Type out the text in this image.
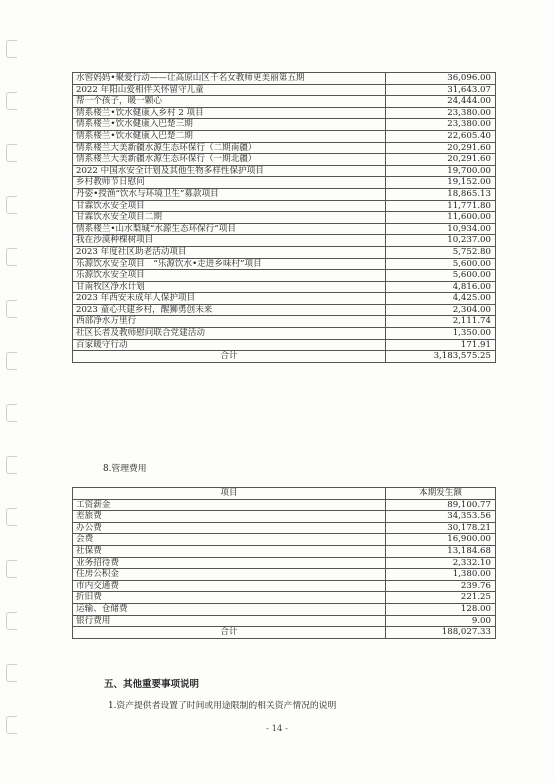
水窖妈妈•聚爱行动——让高原山区千名女教师更美丽第五期	36,096.00
2022 年阳山爱相伴关怀留守儿童	31,643.07
帮一个孩子，暖一颗心	24,444.00
情系楼兰•饮水健康入乡村 2 项目	23,380.00
情系楼兰•饮水健康入巴楚三期	23,380.00
情系楼兰•饮水健康入巴楚二期	22,605.40
情系楼兰大美新疆水源生态环保行（二期南疆）	20,291.60
情系楼兰大美新疆水源生态环保行（一期北疆）	20,291.60
2022 中国水安全计划及其他生物多样性保护项目	19,700.00
乡村教师节日慰问	19,152.00
丹姿•授渔“饮水与环境卫生”募款项目	18,865.13
甘霖饮水安全项目	11,771.80
甘霖饮水安全项目二期	11,600.00
情系楼兰•山水梨城“水源生态环保行”项目	10,934.00
我在沙漠种棵树项目	10,237.00
2023 年度社区助老活动项目	5,752.80
乐源饮水安全项目　“乐源饮水•走进乡味村”项目	5,600.00
乐源饮水安全项目	5,600.00
甘南牧区净水计划	4,816.00
2023 年西安未成年人保护项目	4,425.00
2023 童心共建乡村，醒狮勇创未来	2,304.00
西部净水万里行	2,111.74
社区长者及教师慰问联合党建活动	1,350.00
百家暖守行动	171.91
合计	3,183,575.25
8.管理费用
项目	本期发生额
工资薪金	89,100.77
差旅费	34,353.56
办公费	30,178.21
会费	16,900.00
社保费	13,184.68
业务招待费	2,332.10
住房公积金	1,380.00
市内交通费	239.76
折旧费	221.25
运输、仓储费	128.00
银行费用	9.00
合计	188,027.33
五、其他重要事项说明
1.资产提供者设置了时间或用途限制的相关资产情况的说明
- 14 -
